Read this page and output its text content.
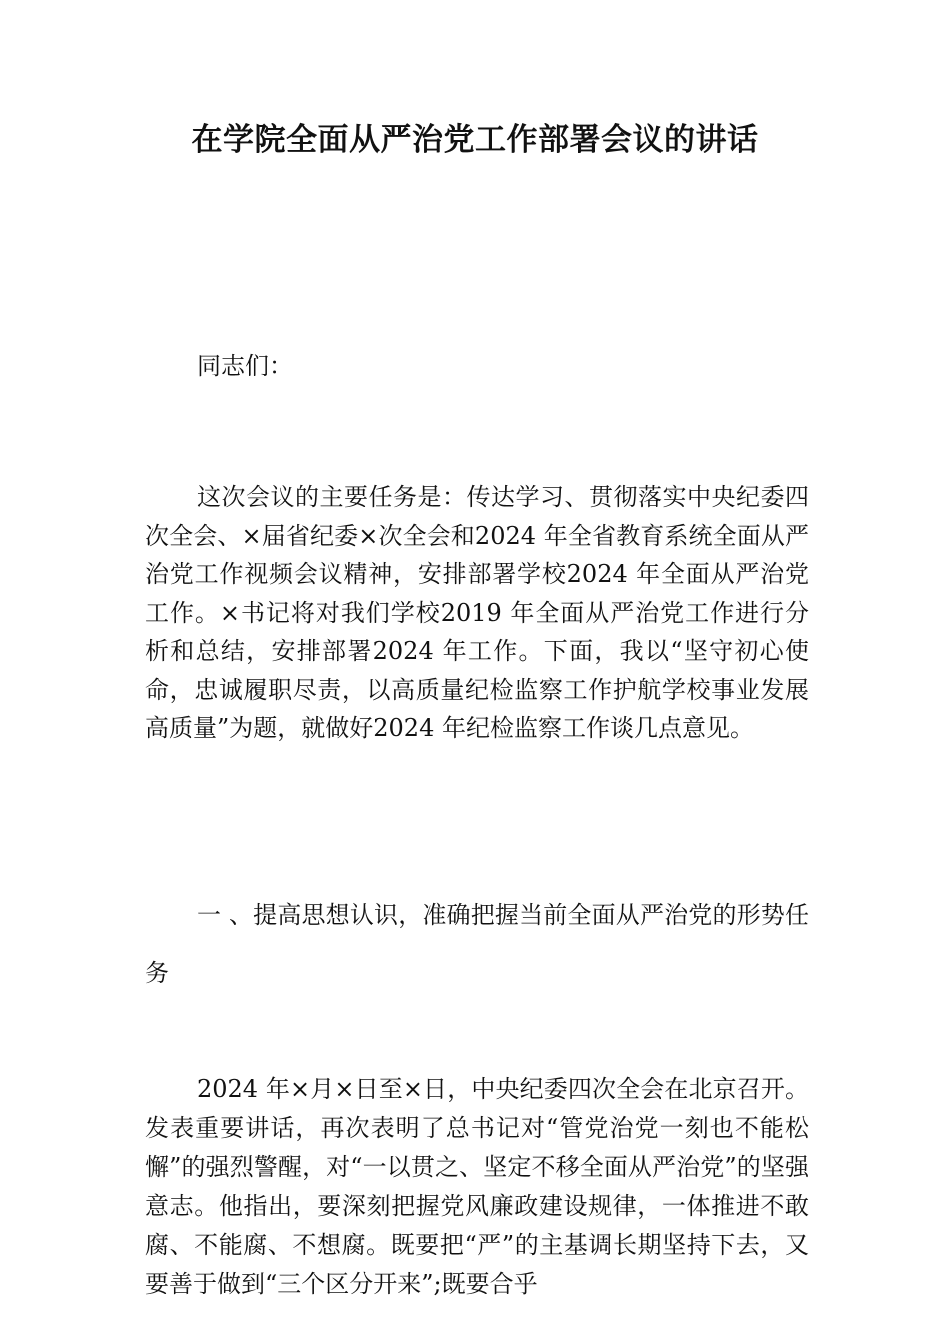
在学院全面从严治党工作部署会议的讲话

同志们：

这次会议的主要任务是：传达学习、贯彻落实中央纪委四次全会、×届省纪委×次全会和2024 年全省教育系统全面从严治党工作视频会议精神，安排部署学校2024 年全面从严治党工作。×书记将对我们学校2019 年全面从严治党工作进行分析和总结，安排部署2024 年工作。下面，我以“坚守初心使命，忠诚履职尽责，以高质量纪检监察工作护航学校事业发展高质量”为题，就做好2024 年纪检监察工作谈几点意见。

一 、提高思想认识，准确把握当前全面从严治党的形势任务

2024 年×月×日至×日，中央纪委四次全会在北京召开。发表重要讲话，再次表明了总书记对“管党治党一刻也不能松懈”的强烈警醒，对“一以贯之、坚定不移全面从严治党”的坚强意志。他指出，要深刻把握党风廉政建设规律，一体推进不敢腐、不能腐、不想腐。既要把“严”的主基调长期坚持下去，又要善于做到“三个区分开来”;既要合乎
